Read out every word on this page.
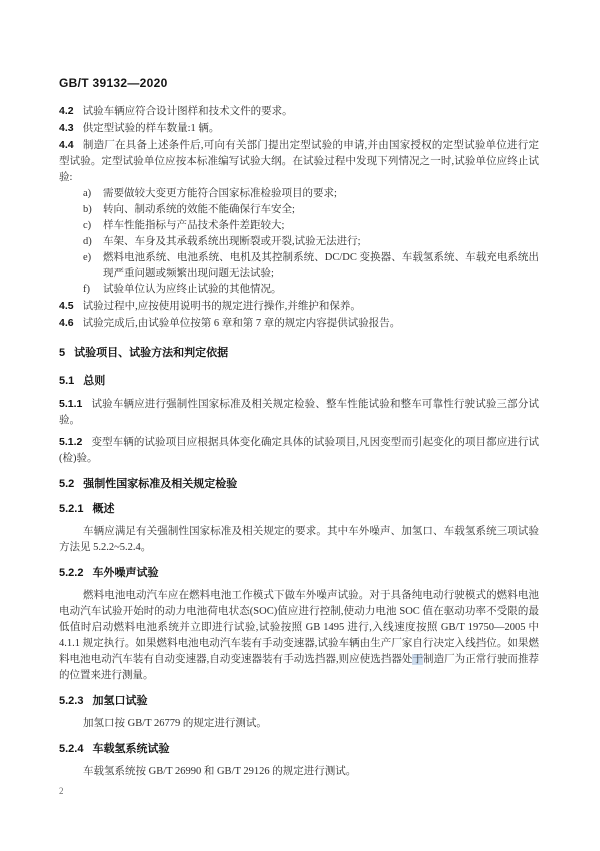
GB/T 39132—2020

4.2 试验车辆应符合设计图样和技术文件的要求。

4.3 供定型试验的样车数量:1 辆。

4.4 制造厂在具备上述条件后,可向有关部门提出定型试验的申请,并由国家授权的定型试验单位进行定型试验。定型试验单位应按本标准编写试验大纲。在试验过程中发现下列情况之一时,试验单位应终止试验:

a)	需要做较大变更方能符合国家标准检验项目的要求;
b)	转向、制动系统的效能不能确保行车安全;
c)	样车性能指标与产品技术条件差距较大;
d)	车架、车身及其承载系统出现断裂或开裂,试验无法进行;
e)	燃料电池系统、电池系统、电机及其控制系统、DC/DC 变换器、车载氢系统、车载充电系统出现严重问题或频繁出现问题无法试验;
f)	试验单位认为应终止试验的其他情况。

4.5 试验过程中,应按使用说明书的规定进行操作,并维护和保养。

4.6 试验完成后,由试验单位按第 6 章和第 7 章的规定内容提供试验报告。

5 试验项目、试验方法和判定依据
5.1 总则

5.1.1 试验车辆应进行强制性国家标准及相关规定检验、整车性能试验和整车可靠性行驶试验三部分试验。

5.1.2 变型车辆的试验项目应根据具体变化确定具体的试验项目,凡因变型而引起变化的项目都应进行试(检)验。

5.2 强制性国家标准及相关规定检验
5.2.1 概述

车辆应满足有关强制性国家标准及相关规定的要求。其中车外噪声、加氢口、车载氢系统三项试验方法见 5.2.2~5.2.4。

5.2.2 车外噪声试验

燃料电池电动汽车应在燃料电池工作模式下做车外噪声试验。对于具备纯电动行驶模式的燃料电池电动汽车试验开始时的动力电池荷电状态(SOC)值应进行控制,使动力电池 SOC 值在驱动功率不受限的最低值时启动燃料电池系统并立即进行试验,试验按照 GB 1495 进行,入线速度按照 GB/T 19750—2005 中 4.1.1 规定执行。如果燃料电池电动汽车装有手动变速器,试验车辆由生产厂家自行决定入线挡位。如果燃料电池电动汽车装有自动变速器,自动变速器装有手动选挡器,则应使选挡器处于制造厂为正常行驶而推荐的位置来进行测量。

5.2.3 加氢口试验

加氢口按 GB/T 26779 的规定进行测试。

5.2.4 车载氢系统试验

车载氢系统按 GB/T 26990 和 GB/T 29126 的规定进行测试。

2
